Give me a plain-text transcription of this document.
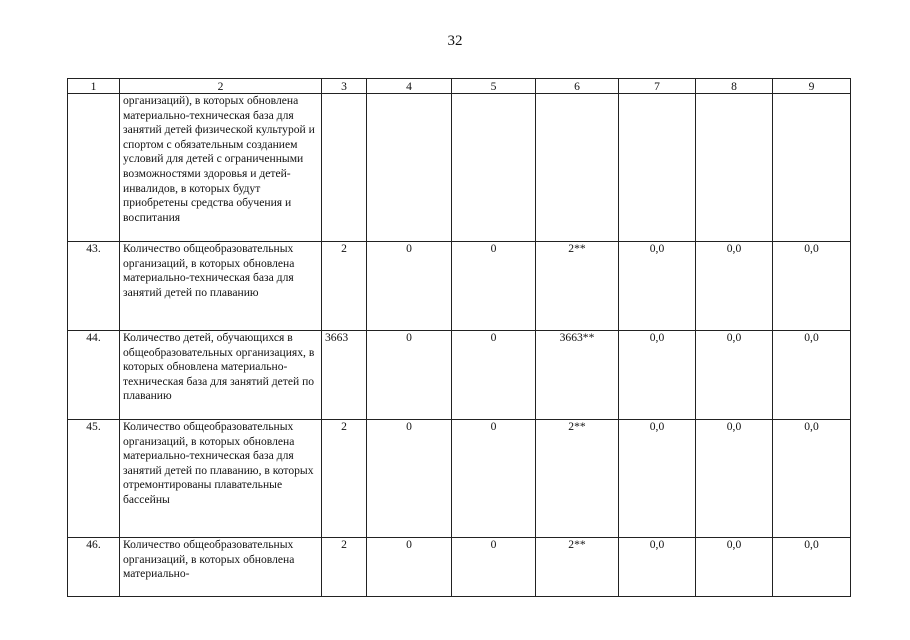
32
1	2	3	4	5	6	7	8	9
	организаций), в которых обновлена материально-техническая база для занятий детей физической культурой и спортом с обязательным созданием условий для детей с ограниченными возможностями здоровья и детей-инвалидов, в которых будут приобретены средства обучения и воспитания							
43.	Количество общеобразовательных организаций, в которых обновлена материально-техническая база для занятий детей по плаванию	2	0	0	2**	0,0	0,0	0,0
44.	Количество детей, обучающихся в общеобразовательных организациях, в которых обновлена материально-техническая база для занятий детей по плаванию	3663	0	0	3663**	0,0	0,0	0,0
45.	Количество общеобразовательных организаций, в которых обновлена материально-техническая база для занятий детей по плаванию, в которых отремонтированы плавательные бассейны	2	0	0	2**	0,0	0,0	0,0
46.	Количество общеобразовательных организаций, в которых обновлена материально-	2	0	0	2**	0,0	0,0	0,0
